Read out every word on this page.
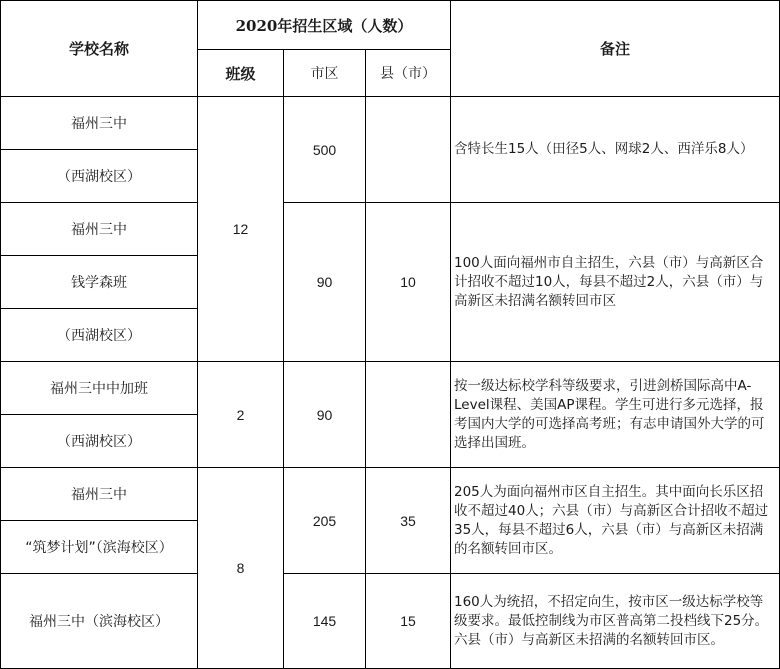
学校名称	2020年招生区域（人数）			备注
	班级	市区	县（市）	
福州三中	12	500		含特长生15人（田径5人、网球2人、西洋乐8人）
（西湖校区）				
福州三中		90	10	100人面向福州市自主招生，六县（市）与高新区合计招收不超过10人，每县不超过2人，六县（市）与高新区未招满名额转回市区
钱学森班				
（西湖校区）				
福州三中中加班	2	90		按一级达标校学科等级要求，引进剑桥国际高中A- Level课程、美国AP课程。学生可进行多元选择，报考国内大学的可选择高考班；有志申请国外大学的可选择出国班。
（西湖校区）				
福州三中	8	205	35	205人为面向福州市区自主招生。其中面向长乐区招收不超过40人；六县（市）与高新区合计招收不超过35人，每县不超过6人，六县（市）与高新区未招满的名额转回市区。
“筑梦计划”（滨海校区）				
福州三中（滨海校区）		145	15	160人为统招，不招定向生，按市区一级达标学校等级要求。最低控制线为市区普高第二投档线下25分。六县（市）与高新区未招满的名额转回市区。
